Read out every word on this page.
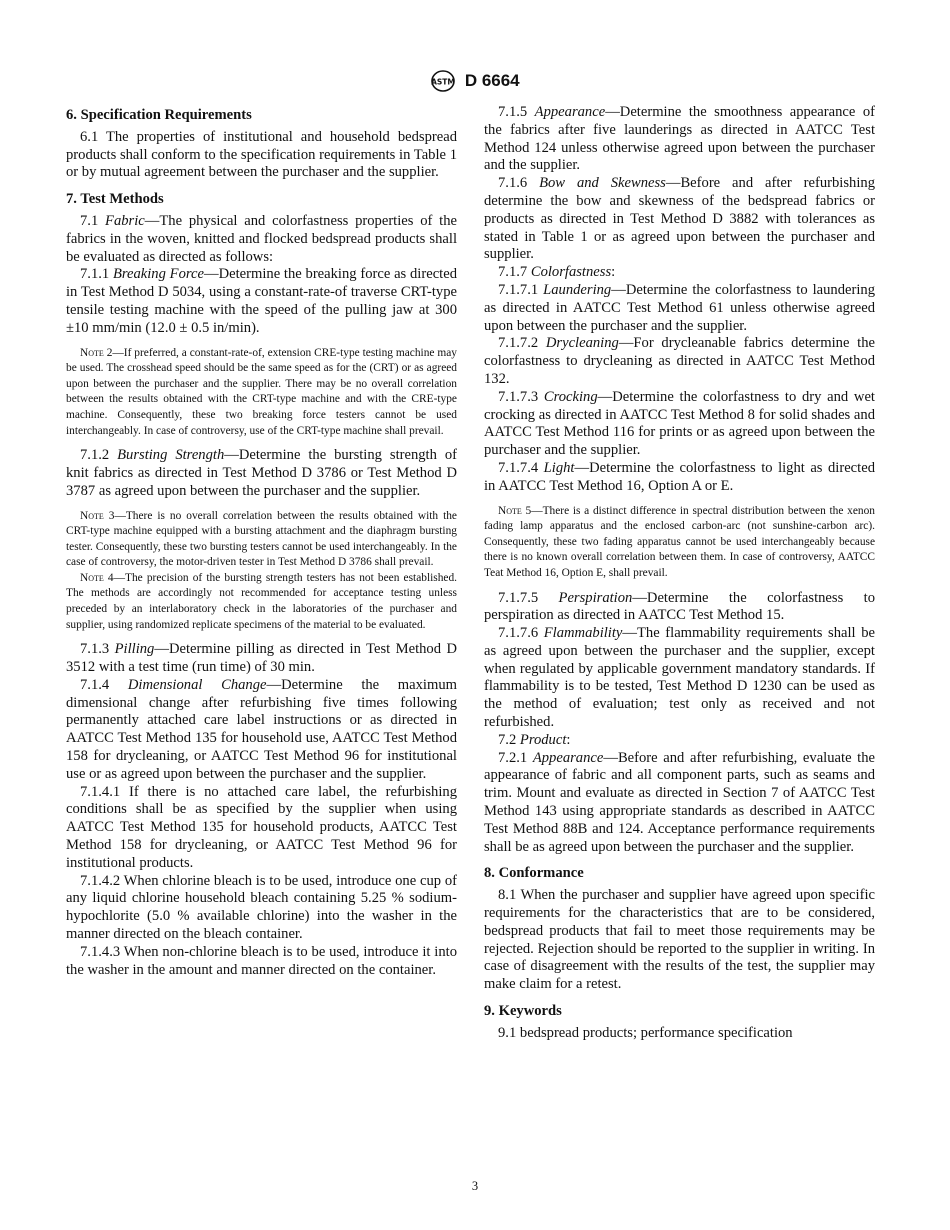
ASTM D 6664

6. Specification Requirements

6.1 The properties of institutional and household bedspread products shall conform to the specification requirements in Table 1 or by mutual agreement between the purchaser and the supplier.

7. Test Methods

7.1 Fabric—The physical and colorfastness properties of the fabrics in the woven, knitted and flocked bedspread products shall be evaluated as directed as follows:

7.1.1 Breaking Force—Determine the breaking force as directed in Test Method D 5034, using a constant-rate-of traverse CRT-type tensile testing machine with the speed of the pulling jaw at 300 ±10 mm/min (12.0 ± 0.5 in/min).

Note 2—If preferred, a constant-rate-of, extension CRE-type testing machine may be used. The crosshead speed should be the same speed as for the (CRT) or as agreed upon between the purchaser and the supplier. There may be no overall correlation between the results obtained with the CRT-type machine and with the CRE-type machine. Consequently, these two breaking force testers cannot be used interchangeably. In case of controversy, use of the CRT-type machine shall prevail.

7.1.2 Bursting Strength—Determine the bursting strength of knit fabrics as directed in Test Method D 3786 or Test Method D 3787 as agreed upon between the purchaser and the supplier.

Note 3—There is no overall correlation between the results obtained with the CRT-type machine equipped with a bursting attachment and the diaphragm bursting tester. Consequently, these two bursting testers cannot be used interchangeably. In the case of controversy, the motor-driven tester in Test Method D 3786 shall prevail.

Note 4—The precision of the bursting strength testers has not been established. The methods are accordingly not recommended for acceptance testing unless preceded by an interlaboratory check in the laboratories of the purchaser and supplier, using randomized replicate specimens of the material to be evaluated.

7.1.3 Pilling—Determine pilling as directed in Test Method D 3512 with a test time (run time) of 30 min.

7.1.4 Dimensional Change—Determine the maximum dimensional change after refurbishing five times following permanently attached care label instructions or as directed in AATCC Test Method 135 for household use, AATCC Test Method 158 for drycleaning, or AATCC Test Method 96 for institutional use or as agreed upon between the purchaser and the supplier.

7.1.4.1 If there is no attached care label, the refurbishing conditions shall be as specified by the supplier when using AATCC Test Method 135 for household products, AATCC Test Method 158 for drycleaning, or AATCC Test Method 96 for institutional products.

7.1.4.2 When chlorine bleach is to be used, introduce one cup of any liquid chlorine household bleach containing 5.25 % sodium-hypochlorite (5.0 % available chlorine) into the washer in the manner directed on the bleach container.

7.1.4.3 When non-chlorine bleach is to be used, introduce it into the washer in the amount and manner directed on the container.

7.1.5 Appearance—Determine the smoothness appearance of the fabrics after five launderings as directed in AATCC Test Method 124 unless otherwise agreed upon between the purchaser and the supplier.

7.1.6 Bow and Skewness—Before and after refurbishing determine the bow and skewness of the bedspread fabrics or products as directed in Test Method D 3882 with tolerances as stated in Table 1 or as agreed upon between the purchaser and supplier.

7.1.7 Colorfastness:

7.1.7.1 Laundering—Determine the colorfastness to laundering as directed in AATCC Test Method 61 unless otherwise agreed upon between the purchaser and the supplier.

7.1.7.2 Drycleaning—For drycleanable fabrics determine the colorfastness to drycleaning as directed in AATCC Test Method 132.

7.1.7.3 Crocking—Determine the colorfastness to dry and wet crocking as directed in AATCC Test Method 8 for solid shades and AATCC Test Method 116 for prints or as agreed upon between the purchaser and the supplier.

7.1.7.4 Light—Determine the colorfastness to light as directed in AATCC Test Method 16, Option A or E.

Note 5—There is a distinct difference in spectral distribution between the xenon fading lamp apparatus and the enclosed carbon-arc (not sunshine-carbon arc). Consequently, these two fading apparatus cannot be used interchangeably because there is no known overall correlation between them. In case of controversy, AATCC Teat Method 16, Option E, shall prevail.

7.1.7.5 Perspiration—Determine the colorfastness to perspiration as directed in AATCC Test Method 15.

7.1.7.6 Flammability—The flammability requirements shall be as agreed upon between the purchaser and the supplier, except when regulated by applicable government mandatory standards. If flammability is to be tested, Test Method D 1230 can be used as the method of evaluation; test only as received and not refurbished.

7.2 Product:

7.2.1 Appearance—Before and after refurbishing, evaluate the appearance of fabric and all component parts, such as seams and trim. Mount and evaluate as directed in Section 7 of AATCC Test Method 143 using appropriate standards as described in AATCC Test Method 88B and 124. Acceptance performance requirements shall be as agreed upon between the purchaser and the supplier.

8. Conformance

8.1 When the purchaser and supplier have agreed upon specific requirements for the characteristics that are to be considered, bedspread products that fail to meet those requirements may be rejected. Rejection should be reported to the supplier in writing. In case of disagreement with the results of the test, the supplier may make claim for a retest.

9. Keywords

9.1 bedspread products; performance specification

3
